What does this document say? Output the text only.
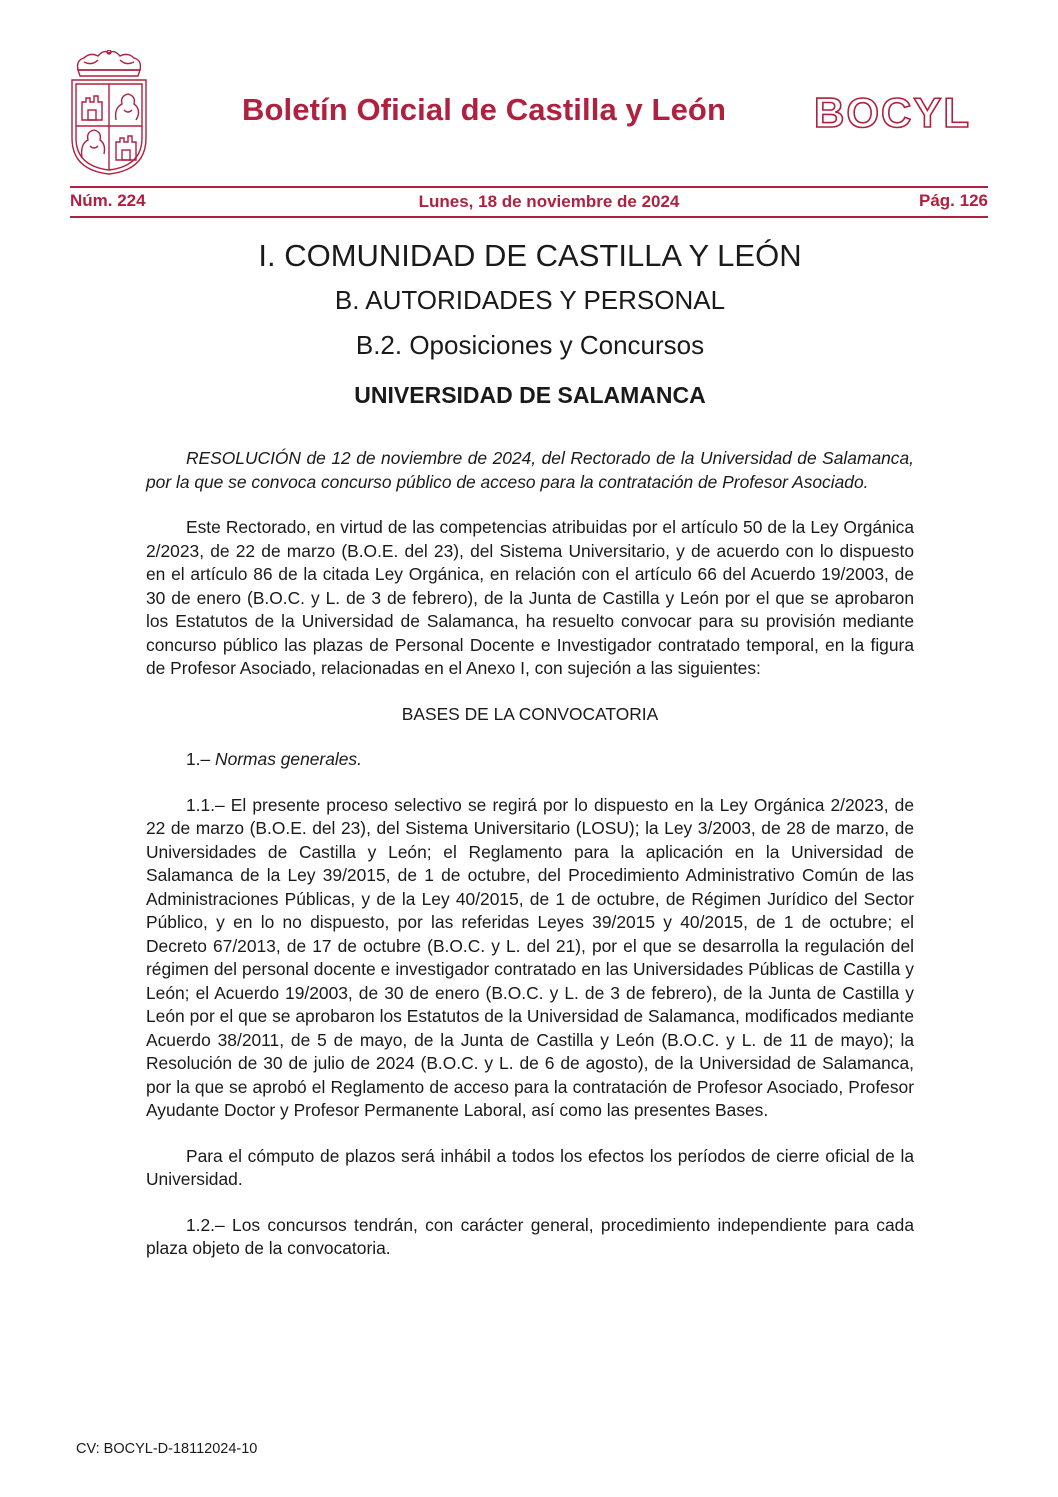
Boletín Oficial de Castilla y León BOCYL
Núm. 224	Lunes, 18 de noviembre de 2024	Pág. 126
I. COMUNIDAD DE CASTILLA Y LEÓN
B. AUTORIDADES Y PERSONAL
B.2. Oposiciones y Concursos
UNIVERSIDAD DE SALAMANCA

RESOLUCIÓN de 12 de noviembre de 2024, del Rectorado de la Universidad de Salamanca, por la que se convoca concurso público de acceso para la contratación de Profesor Asociado.

Este Rectorado, en virtud de las competencias atribuidas por el artículo 50 de la Ley Orgánica 2/2023, de 22 de marzo (B.O.E. del 23), del Sistema Universitario, y de acuerdo con lo dispuesto en el artículo 86 de la citada Ley Orgánica, en relación con el artículo 66 del Acuerdo 19/2003, de 30 de enero (B.O.C. y L. de 3 de febrero), de la Junta de Castilla y León por el que se aprobaron los Estatutos de la Universidad de Salamanca, ha resuelto convocar para su provisión mediante concurso público las plazas de Personal Docente e Investigador contratado temporal, en la figura de Profesor Asociado, relacionadas en el Anexo I, con sujeción a las siguientes:

BASES DE LA CONVOCATORIA

1.– Normas generales.

1.1.– El presente proceso selectivo se regirá por lo dispuesto en la Ley Orgánica 2/2023, de 22 de marzo (B.O.E. del 23), del Sistema Universitario (LOSU); la Ley 3/2003, de 28 de marzo, de Universidades de Castilla y León; el Reglamento para la aplicación en la Universidad de Salamanca de la Ley 39/2015, de 1 de octubre, del Procedimiento Administrativo Común de las Administraciones Públicas, y de la Ley 40/2015, de 1 de octubre, de Régimen Jurídico del Sector Público, y en lo no dispuesto, por las referidas Leyes 39/2015 y 40/2015, de 1 de octubre; el Decreto 67/2013, de 17 de octubre (B.O.C. y L. del 21), por el que se desarrolla la regulación del régimen del personal docente e investigador contratado en las Universidades Públicas de Castilla y León; el Acuerdo 19/2003, de 30 de enero (B.O.C. y L. de 3 de febrero), de la Junta de Castilla y León por el que se aprobaron los Estatutos de la Universidad de Salamanca, modificados mediante Acuerdo 38/2011, de 5 de mayo, de la Junta de Castilla y León (B.O.C. y L. de 11 de mayo); la Resolución de 30 de julio de 2024 (B.O.C. y L. de 6 de agosto), de la Universidad de Salamanca, por la que se aprobó el Reglamento de acceso para la contratación de Profesor Asociado, Profesor Ayudante Doctor y Profesor Permanente Laboral, así como las presentes Bases.

Para el cómputo de plazos será inhábil a todos los efectos los períodos de cierre oficial de la Universidad.

1.2.– Los concursos tendrán, con carácter general, procedimiento independiente para cada plaza objeto de la convocatoria.

CV: BOCYL-D-18112024-10
